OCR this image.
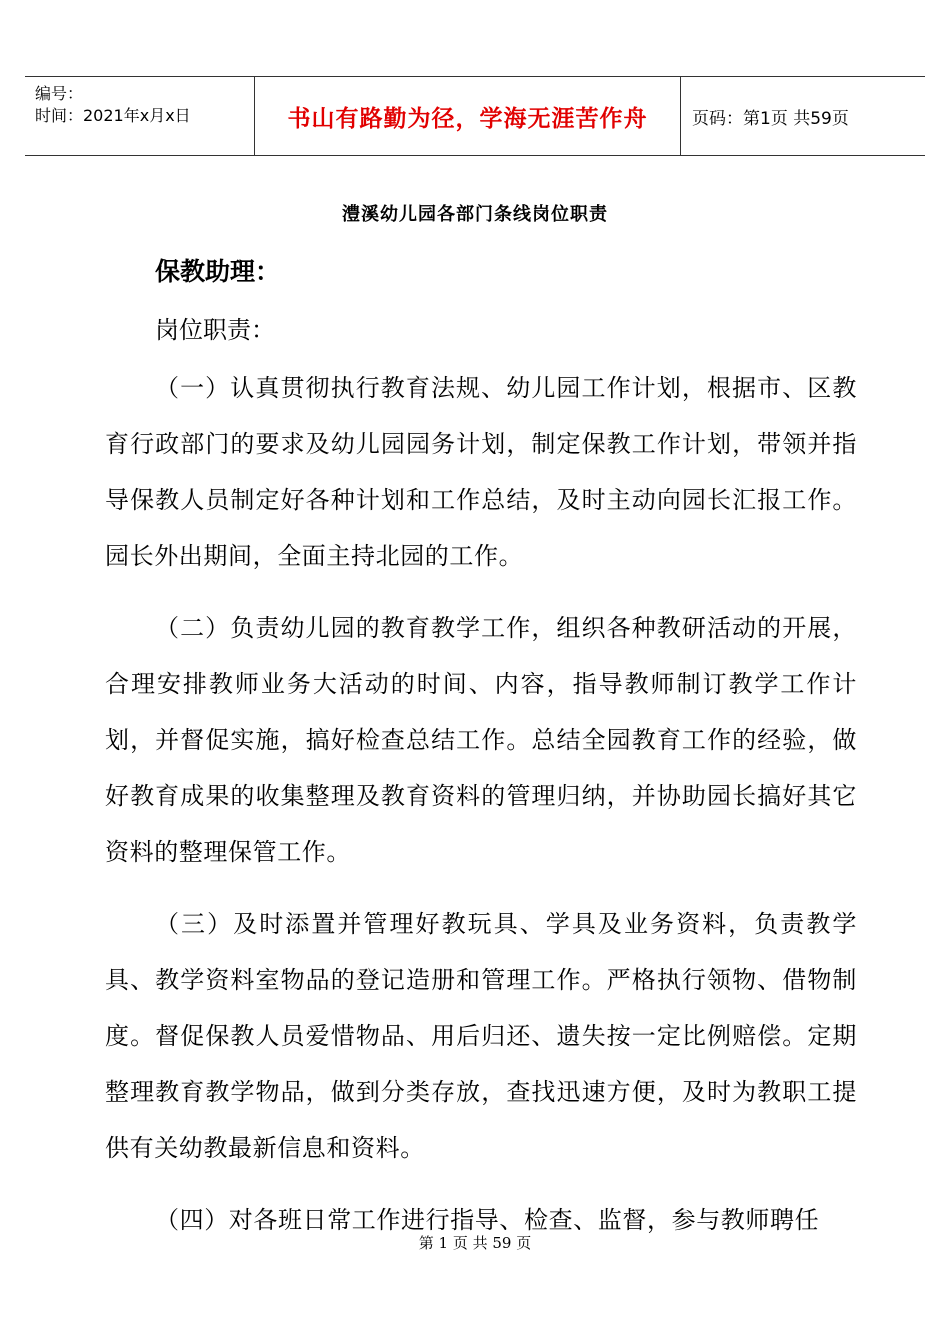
编号：
时间：2021年x月x日	书山有路勤为径，学海无涯苦作舟	页码：第1页 共59页
澧溪幼儿园各部门条线岗位职责
保教助理：
岗位职责：

（一）认真贯彻执行教育法规、幼儿园工作计划，根据市、区教育行政部门的要求及幼儿园园务计划，制定保教工作计划，带领并指导保教人员制定好各种计划和工作总结，及时主动向园长汇报工作。园长外出期间，全面主持北园的工作。

（二）负责幼儿园的教育教学工作，组织各种教研活动的开展，合理安排教师业务大活动的时间、内容，指导教师制订教学工作计划，并督促实施，搞好检查总结工作。总结全园教育工作的经验，做好教育成果的收集整理及教育资料的管理归纳，并协助园长搞好其它资料的整理保管工作。

（三）及时添置并管理好教玩具、学具及业务资料，负责教学具、教学资料室物品的登记造册和管理工作。严格执行领物、借物制度。督促保教人员爱惜物品、用后归还、遗失按一定比例赔偿。定期整理教育教学物品，做到分类存放，查找迅速方便，及时为教职工提供有关幼教最新信息和资料。

（四）对各班日常工作进行指导、检查、监督，参与教师聘任

第 1 页 共 59 页
